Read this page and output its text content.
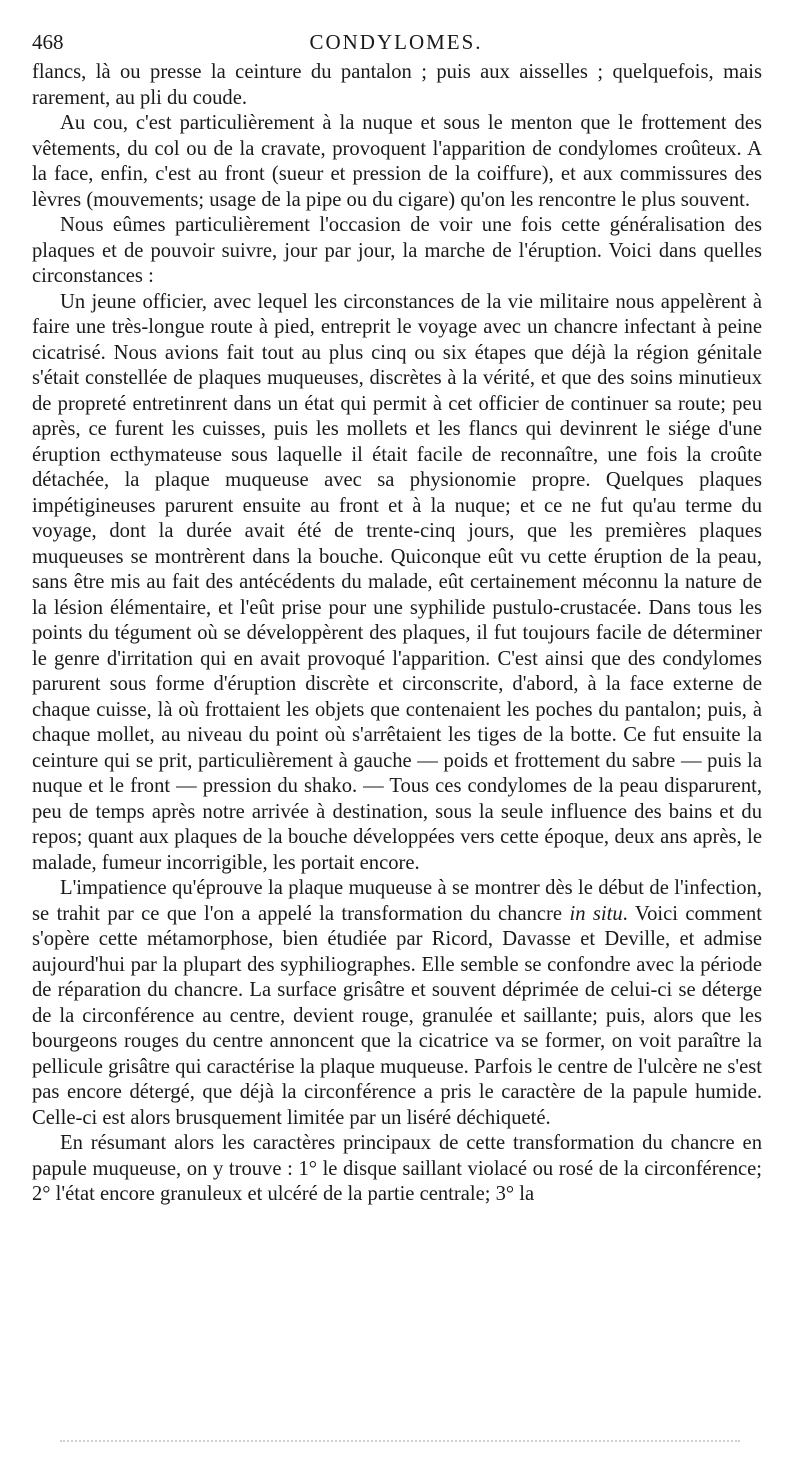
468	CONDYLOMES.

flancs, là ou presse la ceinture du pantalon ; puis aux aisselles ; quelquefois, mais rarement, au pli du coude.

Au cou, c'est particulièrement à la nuque et sous le menton que le frottement des vêtements, du col ou de la cravate, provoquent l'apparition de condylomes croûteux. A la face, enfin, c'est au front (sueur et pression de la coiffure), et aux commissures des lèvres (mouvements; usage de la pipe ou du cigare) qu'on les rencontre le plus souvent.

Nous eûmes particulièrement l'occasion de voir une fois cette généralisation des plaques et de pouvoir suivre, jour par jour, la marche de l'éruption. Voici dans quelles circonstances :

Un jeune officier, avec lequel les circonstances de la vie militaire nous appelèrent à faire une très-longue route à pied, entreprit le voyage avec un chancre infectant à peine cicatrisé. Nous avions fait tout au plus cinq ou six étapes que déjà la région génitale s'était constellée de plaques muqueuses, discrètes à la vérité, et que des soins minutieux de propreté entretinrent dans un état qui permit à cet officier de continuer sa route; peu après, ce furent les cuisses, puis les mollets et les flancs qui devinrent le siége d'une éruption ecthymateuse sous laquelle il était facile de reconnaître, une fois la croûte détachée, la plaque muqueuse avec sa physionomie propre. Quelques plaques impétigineuses parurent ensuite au front et à la nuque; et ce ne fut qu'au terme du voyage, dont la durée avait été de trente-cinq jours, que les premières plaques muqueuses se montrèrent dans la bouche. Quiconque eût vu cette éruption de la peau, sans être mis au fait des antécédents du malade, eût certainement méconnu la nature de la lésion élémentaire, et l'eût prise pour une syphilide pustulo-crustacée. Dans tous les points du tégument où se développèrent des plaques, il fut toujours facile de déterminer le genre d'irritation qui en avait provoqué l'apparition. C'est ainsi que des condylomes parurent sous forme d'éruption discrète et circonscrite, d'abord, à la face externe de chaque cuisse, là où frottaient les objets que contenaient les poches du pantalon; puis, à chaque mollet, au niveau du point où s'arrêtaient les tiges de la botte. Ce fut ensuite la ceinture qui se prit, particulièrement à gauche — poids et frottement du sabre — puis la nuque et le front — pression du shako. — Tous ces condylomes de la peau disparurent, peu de temps après notre arrivée à destination, sous la seule influence des bains et du repos; quant aux plaques de la bouche développées vers cette époque, deux ans après, le malade, fumeur incorrigible, les portait encore.

L'impatience qu'éprouve la plaque muqueuse à se montrer dès le début de l'infection, se trahit par ce que l'on a appelé la transformation du chancre in situ. Voici comment s'opère cette métamorphose, bien étudiée par Ricord, Davasse et Deville, et admise aujourd'hui par la plupart des syphiliographes. Elle semble se confondre avec la période de réparation du chancre. La surface grisâtre et souvent déprimée de celui-ci se déterge de la circonférence au centre, devient rouge, granulée et saillante; puis, alors que les bourgeons rouges du centre annoncent que la cicatrice va se former, on voit paraître la pellicule grisâtre qui caractérise la plaque muqueuse. Parfois le centre de l'ulcère ne s'est pas encore détergé, que déjà la circonférence a pris le caractère de la papule humide. Celle-ci est alors brusquement limitée par un liséré déchiqueté.

En résumant alors les caractères principaux de cette transformation du chancre en papule muqueuse, on y trouve : 1° le disque saillant violacé ou rosé de la circonférence; 2° l'état encore granuleux et ulcéré de la partie centrale; 3° la
